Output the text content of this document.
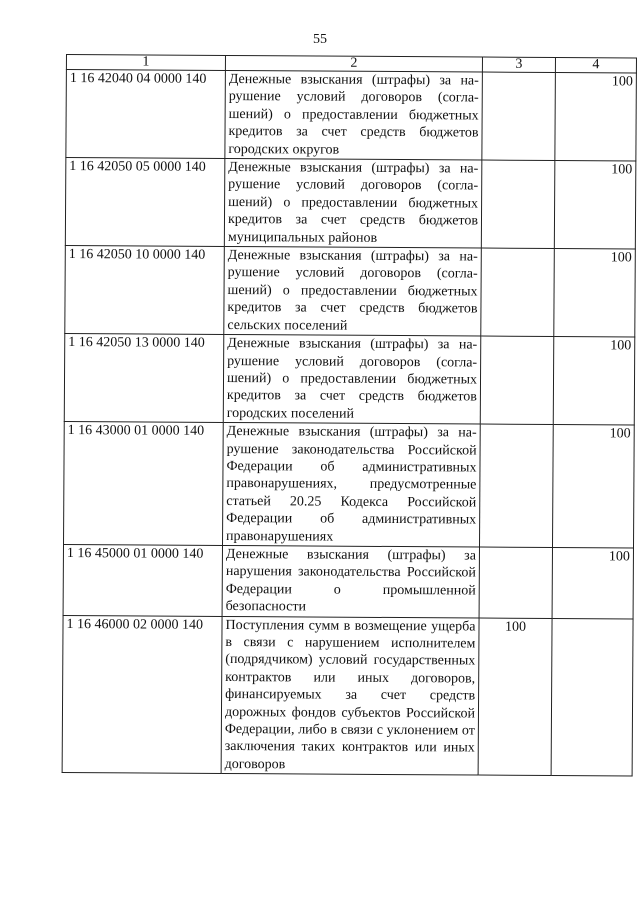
55
1	2	3	4
1 16 42040 04 0000 140	Денежные взыскания (штрафы) за нарушение условий договоров (соглашений) о предоставлении бюджетных кредитов за счет средств бюджетов городских округов		100
1 16 42050 05 0000 140	Денежные взыскания (штрафы) за нарушение условий договоров (соглашений) о предоставлении бюджетных кредитов за счет средств бюджетов муниципальных районов		100
1 16 42050 10 0000 140	Денежные взыскания (штрафы) за нарушение условий договоров (соглашений) о предоставлении бюджетных кредитов за счет средств бюджетов сельских поселений		100
1 16 42050 13 0000 140	Денежные взыскания (штрафы) за нарушение условий договоров (соглашений) о предоставлении бюджетных кредитов за счет средств бюджетов городских поселений		100
1 16 43000 01 0000 140	Денежные взыскания (штрафы) за нарушение законодательства Российской Федерации об административных правонарушениях, предусмотренные статьей 20.25 Кодекса Российской Федерации об административных правонарушениях		100
1 16 45000 01 0000 140	Денежные взыскания (штрафы) за нарушения законодательства Российской Федерации о промышленной безопасности		100
1 16 46000 02 0000 140	Поступления сумм в возмещение ущерба в связи с нарушением исполнителем (подрядчиком) условий государственных контрактов или иных договоров, финансируемых за счет средств дорожных фондов субъектов Российской Федерации, либо в связи с уклонением от заключения таких контрактов или иных договоров	100	
